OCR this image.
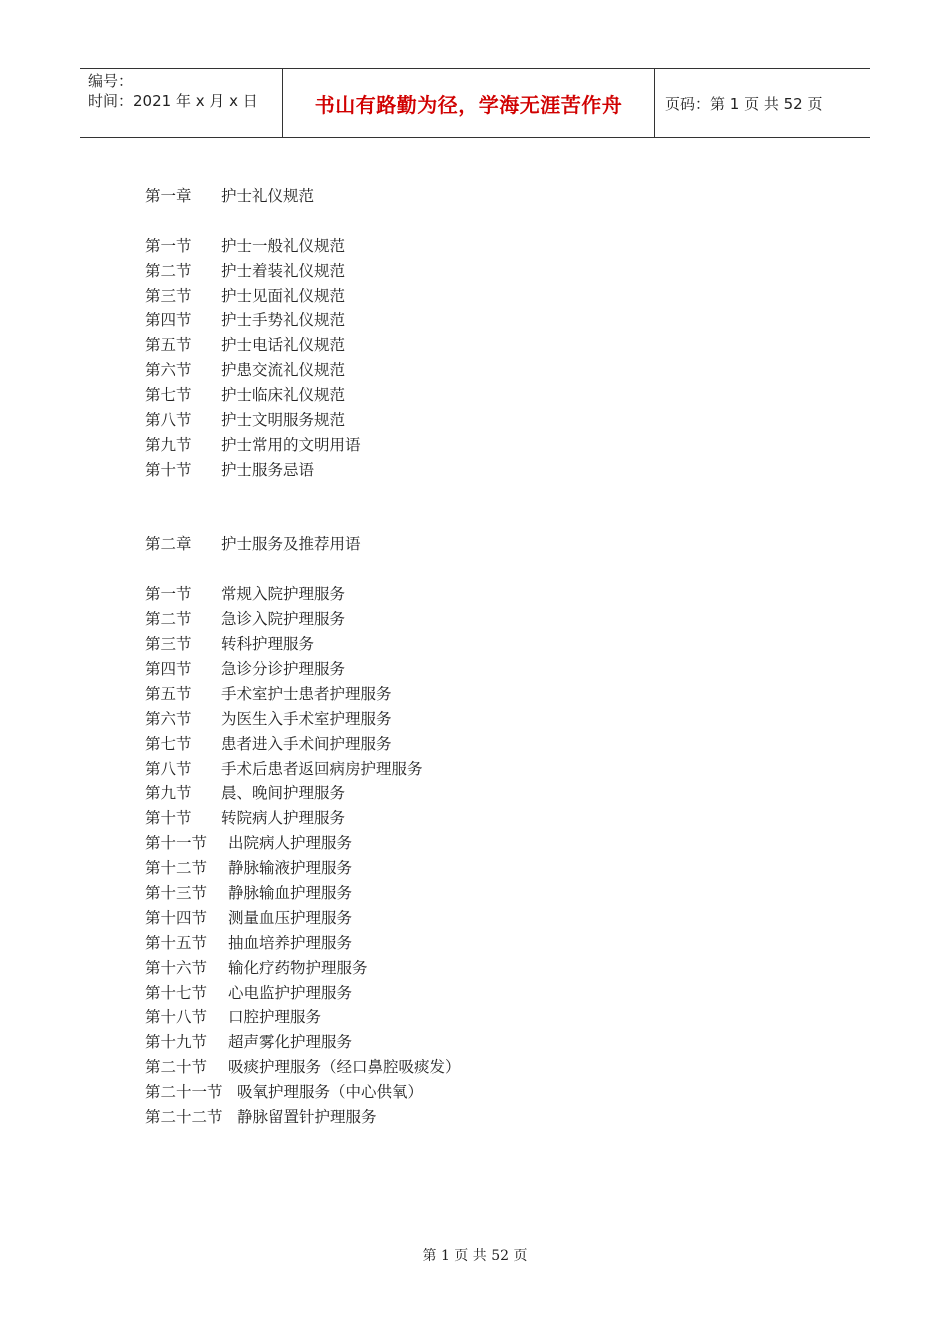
编号：
时间：2021 年 x 月 x 日	书山有路勤为径，学海无涯苦作舟	页码：第 1 页 共 52 页
第一章 护士礼仪规范
第一节 护士一般礼仪规范
第二节 护士着装礼仪规范
第三节 护士见面礼仪规范
第四节 护士手势礼仪规范
第五节 护士电话礼仪规范
第六节 护患交流礼仪规范
第七节 护士临床礼仪规范
第八节 护士文明服务规范
第九节 护士常用的文明用语
第十节 护士服务忌语
第二章 护士服务及推荐用语
第一节 常规入院护理服务
第二节 急诊入院护理服务
第三节 转科护理服务
第四节 急诊分诊护理服务
第五节 手术室护士患者护理服务
第六节 为医生入手术室护理服务
第七节 患者进入手术间护理服务
第八节 手术后患者返回病房护理服务
第九节 晨、晚间护理服务
第十节 转院病人护理服务
第十一节 出院病人护理服务
第十二节 静脉输液护理服务
第十三节 静脉输血护理服务
第十四节 测量血压护理服务
第十五节 抽血培养护理服务
第十六节 输化疗药物护理服务
第十七节 心电监护护理服务
第十八节 口腔护理服务
第十九节 超声雾化护理服务
第二十节 吸痰护理服务（经口鼻腔吸痰发）
第二十一节 吸氧护理服务（中心供氧）
第二十二节 静脉留置针护理服务
第 1 页 共 52 页
